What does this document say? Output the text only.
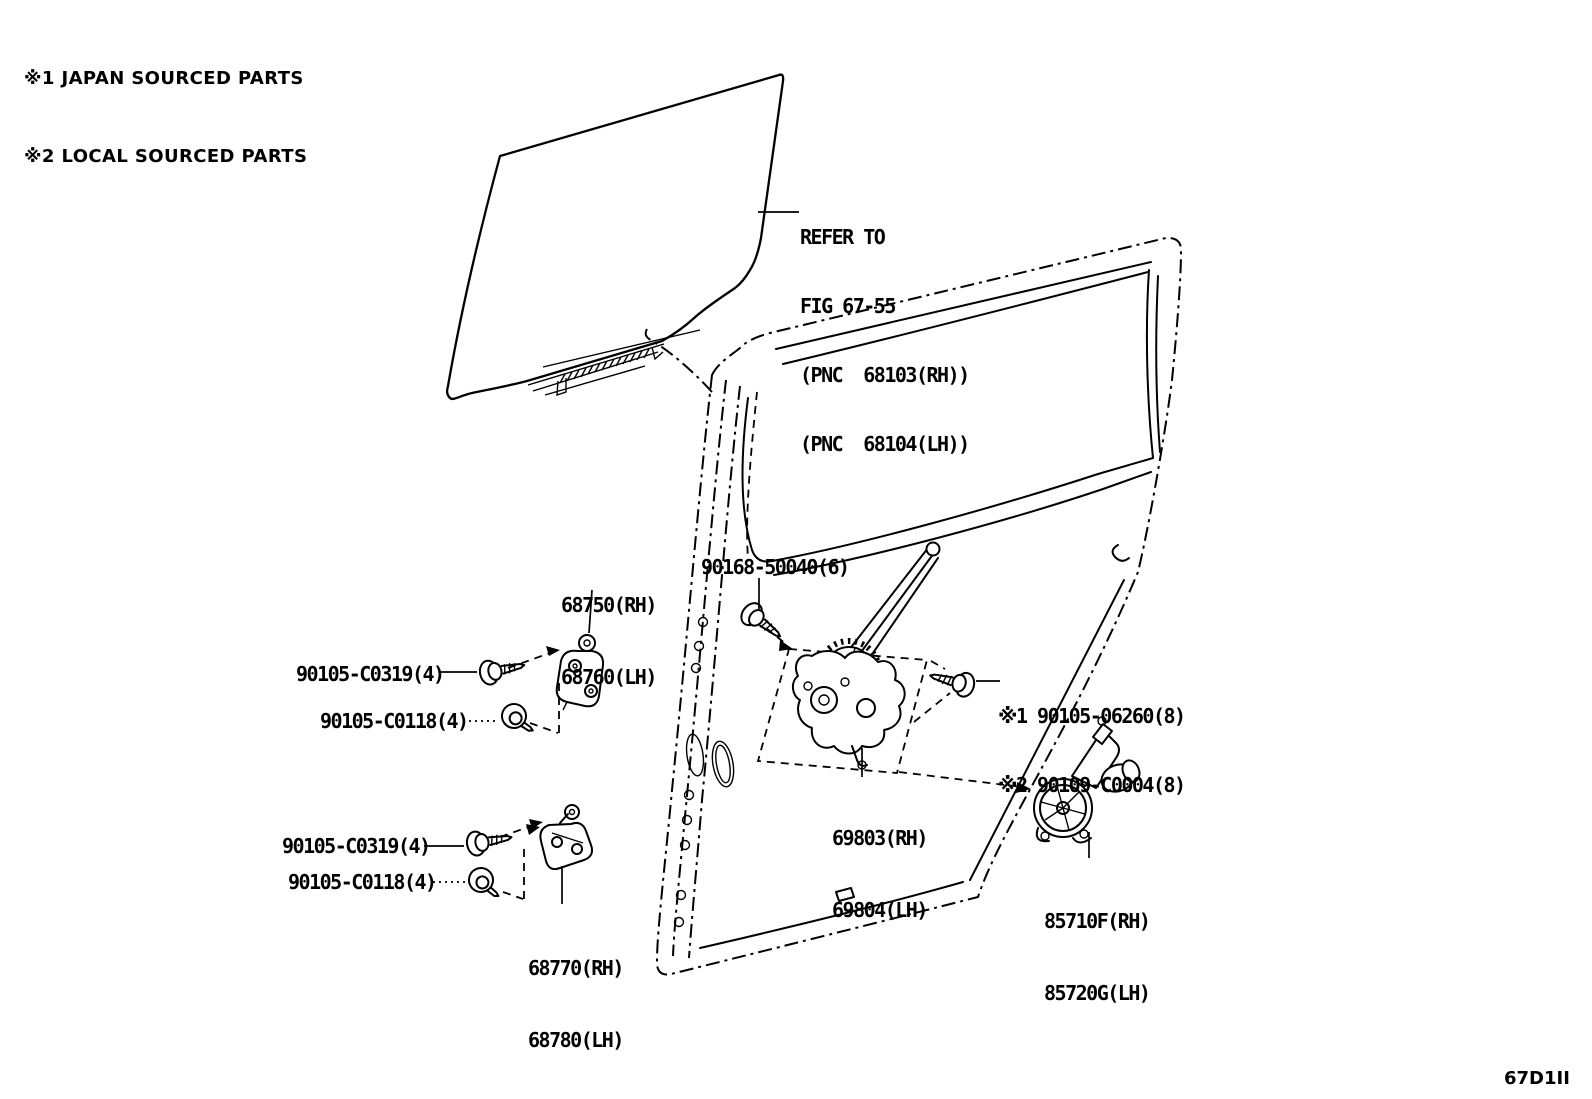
※1 JAPAN SOURCED PARTS

※2 LOCAL SOURCED PARTS

REFER TO

FIG 67-55

(PNC  68103(RH))

(PNC  68104(LH))

68750(RH)

68760(LH)

90168-50040(6)
90105-C0319(4)
90105-C0118(4)

	※1 90105-06260(8)

※2 90109-C0004(8)

69803(RH)

69804(LH)

90105-C0319(4)
90105-C0118(4)

68770(RH)

68780(LH)

85710F(RH)

85720G(LH)

67D1II
